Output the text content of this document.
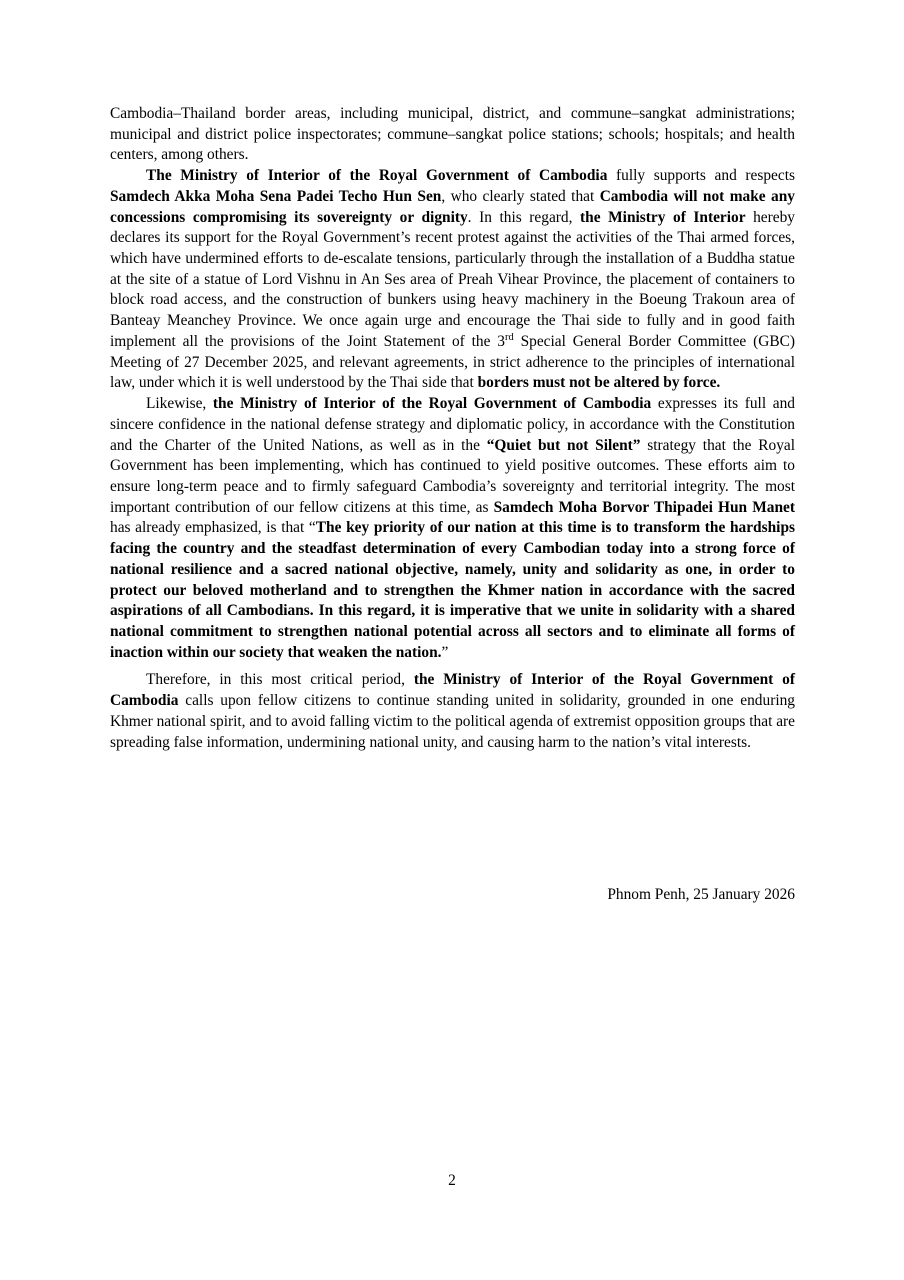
Cambodia–Thailand border areas, including municipal, district, and commune–sangkat administrations; municipal and district police inspectorates; commune–sangkat police stations; schools; hospitals; and health centers, among others.

The Ministry of Interior of the Royal Government of Cambodia fully supports and respects Samdech Akka Moha Sena Padei Techo Hun Sen, who clearly stated that Cambodia will not make any concessions compromising its sovereignty or dignity. In this regard, the Ministry of Interior hereby declares its support for the Royal Government’s recent protest against the activities of the Thai armed forces, which have undermined efforts to de-escalate tensions, particularly through the installation of a Buddha statue at the site of a statue of Lord Vishnu in An Ses area of Preah Vihear Province, the placement of containers to block road access, and the construction of bunkers using heavy machinery in the Boeung Trakoun area of Banteay Meanchey Province. We once again urge and encourage the Thai side to fully and in good faith implement all the provisions of the Joint Statement of the 3rd Special General Border Committee (GBC) Meeting of 27 December 2025, and relevant agreements, in strict adherence to the principles of international law, under which it is well understood by the Thai side that borders must not be altered by force.

Likewise, the Ministry of Interior of the Royal Government of Cambodia expresses its full and sincere confidence in the national defense strategy and diplomatic policy, in accordance with the Constitution and the Charter of the United Nations, as well as in the “Quiet but not Silent” strategy that the Royal Government has been implementing, which has continued to yield positive outcomes. These efforts aim to ensure long-term peace and to firmly safeguard Cambodia’s sovereignty and territorial integrity. The most important contribution of our fellow citizens at this time, as Samdech Moha Borvor Thipadei Hun Manet has already emphasized, is that “The key priority of our nation at this time is to transform the hardships facing the country and the steadfast determination of every Cambodian today into a strong force of national resilience and a sacred national objective, namely, unity and solidarity as one, in order to protect our beloved motherland and to strengthen the Khmer nation in accordance with the sacred aspirations of all Cambodians. In this regard, it is imperative that we unite in solidarity with a shared national commitment to strengthen national potential across all sectors and to eliminate all forms of inaction within our society that weaken the nation.”

Therefore, in this most critical period, the Ministry of Interior of the Royal Government of Cambodia calls upon fellow citizens to continue standing united in solidarity, grounded in one enduring Khmer national spirit, and to avoid falling victim to the political agenda of extremist opposition groups that are spreading false information, undermining national unity, and causing harm to the nation’s vital interests.

Phnom Penh, 25 January 2026
2
